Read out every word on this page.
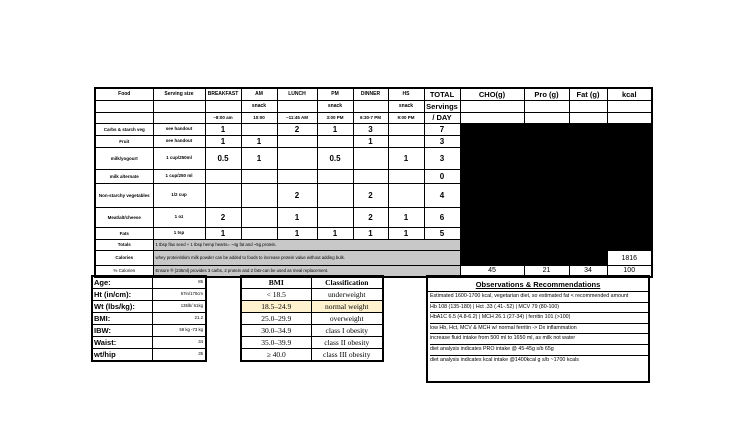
Food	Serving size	BREAKFAST	AM	LUNCH	PM	DINNER	HS	TOTAL	CHO(g)	Pro (g)	Fat (g)	kcal
			snack		snack		snack	Servings				
		~8:00 am	10:00	~11:45 AM	3:00 PM	6:30-7 PM	9:00 PM	/ DAY				
Carbs & starch veg	see handout	1		2	1	3		7				
Fruit	see handout	1	1			1		3				
milk/yogourt	1 cup/250ml	0.5	1		0.5		1	3				
milk alternate	1 cup/250 ml							0				
Non-starchy vegetables	1/2 cup			2		2		4				
Meat/alt/cheese	1 oz	2		1		2	1	6				
Fats	1 tsp	1		1	1	1	1	5				
Totals	1 tbsp flax seed + 1 tbsp hemp hearts= ~4g fat and ~5g protein.											
Calories	whey protein/skim milk powder can be added to foods to increase protein value without adding bulk.											1816
% Calories	Ensure ® (235ml) provides 3 carbs, 2 protein and 2 fats-can be used as meal replacement.								45	21	34	100
Age:	85
Ht (in/cm):	67in/170cm
Wt (lbs/kg):	135lb/ 61kg
BMI:	21.2
IBW:	59 kg -73 kg
Waist:	34
wt/hip	35
BMI	Classification
< 18.5	underweight
18.5–24.9	normal weight
25.0–29.9	overweight
30.0–34.9	class I obesity
35.0–39.9	class II obesity
≥ 40.0	class III obesity
Observations & Recommendations
Estimated 1600-1700 kcal, vegetarian diet, so estimated fat < recommended amount
Hb 108 (135-180) | Hct .33 (.41-.52) | MCV 79 (80-100)
HbA1C 6.5 (4.8-6.2) | MCH 26.1 (27-34) | ferritin 101 (>100)
low Hb, Hct, MCV & MCH w/ normal ferritin -> Dx inflammation
increase fluid intake from 500 ml to 1650 ml, as milk not water
diet analysis indicates PRO intake @ 45-45g s/b 65g
diet analysis indicates kcal intake @1400kcal g s/b ~1700 kcals
